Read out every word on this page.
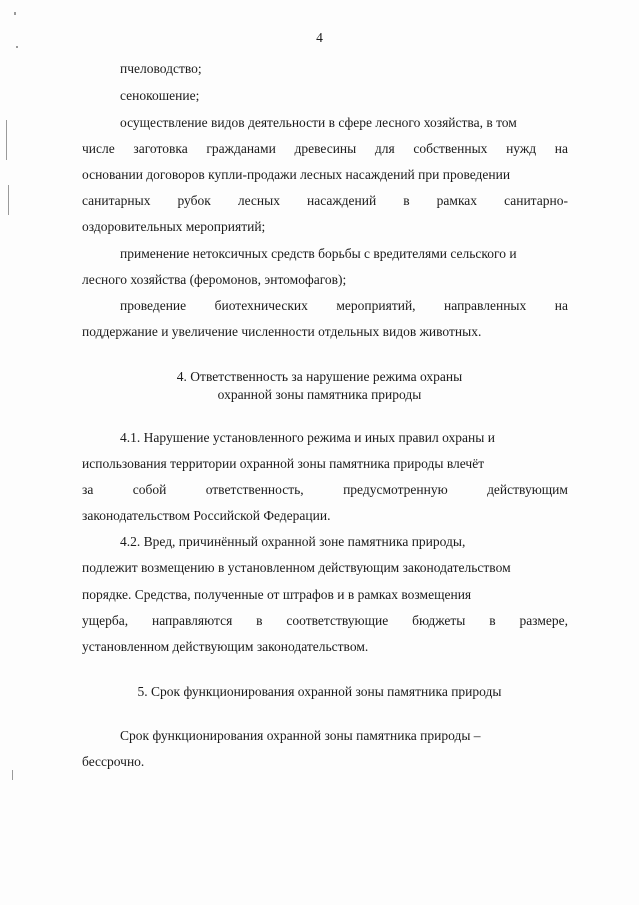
4
пчеловодство;
сенокошение;
осуществление видов деятельности в сфере лесного хозяйства, в том
числе заготовка гражданами древесины для собственных нужд на
основании договоров купли-продажи лесных насаждений при проведении
санитарных рубок лесных насаждений в рамках санитарно-
оздоровительных мероприятий;
применение нетоксичных средств борьбы с вредителями сельского и
лесного хозяйства (феромонов, энтомофагов);
проведение биотехнических мероприятий, направленных на
поддержание и увеличение численности отдельных видов животных.
4. Ответственность за нарушение режима охраны
охранной зоны памятника природы
4.1. Нарушение установленного режима и иных правил охраны и
использования территории охранной зоны памятника природы влечёт
за	собой	ответственность,	предусмотренную	действующим
законодательством Российской Федерации.
4.2. Вред, причинённый охранной зоне памятника природы,
подлежит возмещению в установленном действующим законодательством
порядке. Средства, полученные от штрафов и в рамках возмещения
ущерба, направляются в соответствующие бюджеты в размере,
установленном действующим законодательством.
5. Срок функционирования охранной зоны памятника природы
Срок функционирования охранной зоны памятника природы –
бессрочно.
